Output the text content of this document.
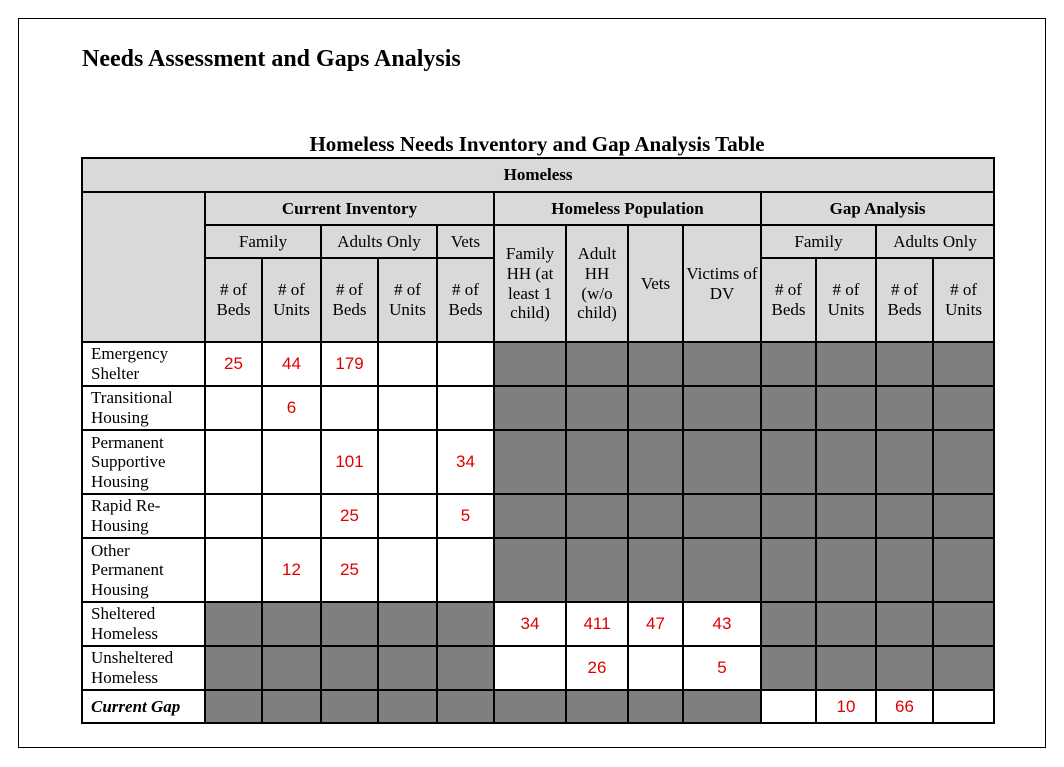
Needs Assessment and Gaps Analysis
Homeless Needs Inventory and Gap Analysis Table
Homeless													
	Current Inventory					Homeless Population				Gap Analysis			
	Family		Adults Only		Vets	Family HH (at least 1 child)	Adult HH (w/o child)	Vets	Victims of DV	Family		Adults Only	
	# of Beds	# of Units	# of Beds	# of Units	# of Beds					# of Beds	# of Units	# of Beds	# of Units
Emergency Shelter	25	44	179										
Transitional Housing		6											
Permanent Supportive Housing			101		34								
Rapid Re-Housing			25		5								
Other Permanent Housing		12	25										
Sheltered Homeless						34	411	47	43				
Unsheltered Homeless							26		5				
Current Gap											10	66	
